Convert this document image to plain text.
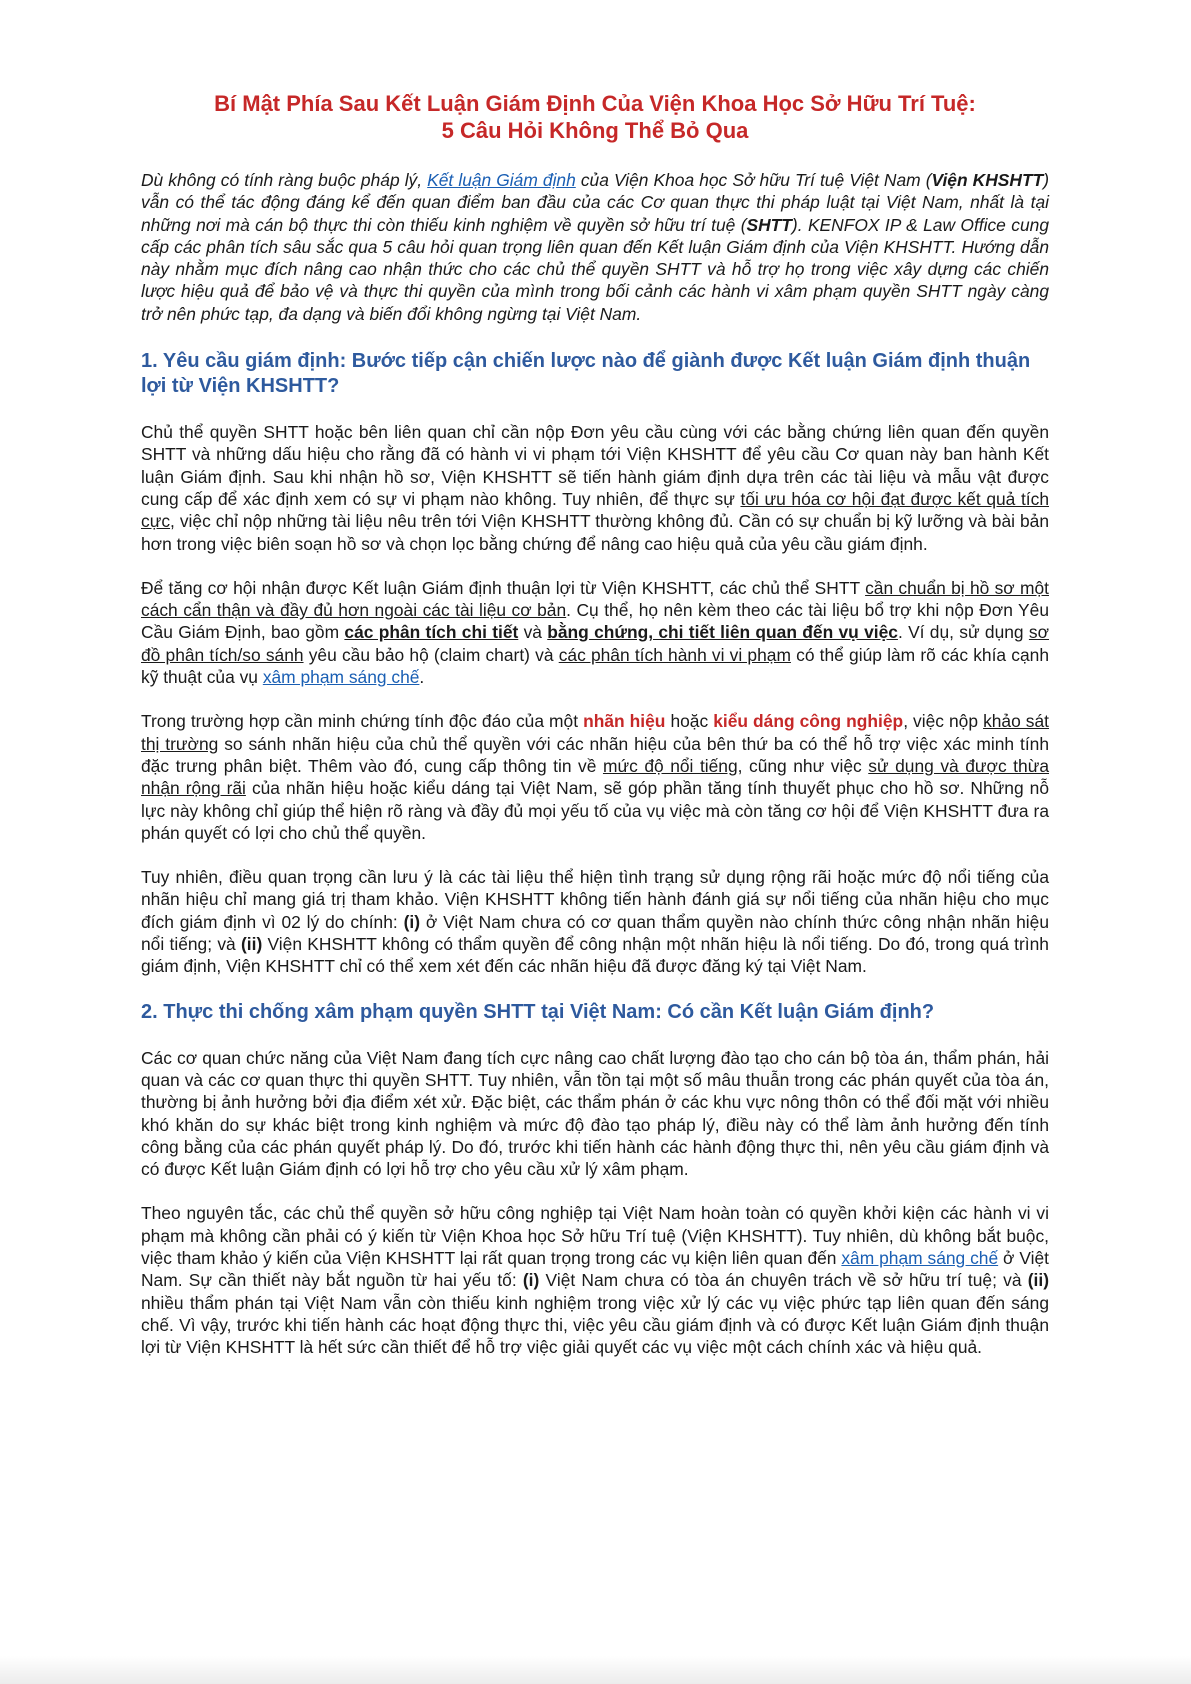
Bí Mật Phía Sau Kết Luận Giám Định Của Viện Khoa Học Sở Hữu Trí Tuệ:
5 Câu Hỏi Không Thể Bỏ Qua

Dù không có tính ràng buộc pháp lý, Kết luận Giám định của Viện Khoa học Sở hữu Trí tuệ Việt Nam (Viện KHSHTT) vẫn có thể tác động đáng kể đến quan điểm ban đầu của các Cơ quan thực thi pháp luật tại Việt Nam, nhất là tại những nơi mà cán bộ thực thi còn thiếu kinh nghiệm về quyền sở hữu trí tuệ (SHTT). KENFOX IP & Law Office cung cấp các phân tích sâu sắc qua 5 câu hỏi quan trọng liên quan đến Kết luận Giám định của Viện KHSHTT. Hướng dẫn này nhằm mục đích nâng cao nhận thức cho các chủ thể quyền SHTT và hỗ trợ họ trong việc xây dựng các chiến lược hiệu quả để bảo vệ và thực thi quyền của mình trong bối cảnh các hành vi xâm phạm quyền SHTT ngày càng trở nên phức tạp, đa dạng và biến đổi không ngừng tại Việt Nam.

1. Yêu cầu giám định: Bước tiếp cận chiến lược nào để giành được Kết luận Giám định thuận lợi từ Viện KHSHTT?

Chủ thể quyền SHTT hoặc bên liên quan chỉ cần nộp Đơn yêu cầu cùng với các bằng chứng liên quan đến quyền SHTT và những dấu hiệu cho rằng đã có hành vi vi phạm tới Viện KHSHTT để yêu cầu Cơ quan này ban hành Kết luận Giám định. Sau khi nhận hồ sơ, Viện KHSHTT sẽ tiến hành giám định dựa trên các tài liệu và mẫu vật được cung cấp để xác định xem có sự vi phạm nào không. Tuy nhiên, để thực sự tối ưu hóa cơ hội đạt được kết quả tích cực, việc chỉ nộp những tài liệu nêu trên tới Viện KHSHTT thường không đủ. Cần có sự chuẩn bị kỹ lưỡng và bài bản hơn trong việc biên soạn hồ sơ và chọn lọc bằng chứng để nâng cao hiệu quả của yêu cầu giám định.

Để tăng cơ hội nhận được Kết luận Giám định thuận lợi từ Viện KHSHTT, các chủ thể SHTT cần chuẩn bị hồ sơ một cách cẩn thận và đầy đủ hơn ngoài các tài liệu cơ bản. Cụ thể, họ nên kèm theo các tài liệu bổ trợ khi nộp Đơn Yêu Cầu Giám Định, bao gồm các phân tích chi tiết và bằng chứng, chi tiết liên quan đến vụ việc. Ví dụ, sử dụng sơ đồ phân tích/so sánh yêu cầu bảo hộ (claim chart) và các phân tích hành vi vi phạm có thể giúp làm rõ các khía cạnh kỹ thuật của vụ xâm phạm sáng chế.

Trong trường hợp cần minh chứng tính độc đáo của một nhãn hiệu hoặc kiểu dáng công nghiệp, việc nộp khảo sát thị trường so sánh nhãn hiệu của chủ thể quyền với các nhãn hiệu của bên thứ ba có thể hỗ trợ việc xác minh tính đặc trưng phân biệt. Thêm vào đó, cung cấp thông tin về mức độ nổi tiếng, cũng như việc sử dụng và được thừa nhận rộng rãi của nhãn hiệu hoặc kiểu dáng tại Việt Nam, sẽ góp phần tăng tính thuyết phục cho hồ sơ. Những nỗ lực này không chỉ giúp thể hiện rõ ràng và đầy đủ mọi yếu tố của vụ việc mà còn tăng cơ hội để Viện KHSHTT đưa ra phán quyết có lợi cho chủ thể quyền.

Tuy nhiên, điều quan trọng cần lưu ý là các tài liệu thể hiện tình trạng sử dụng rộng rãi hoặc mức độ nổi tiếng của nhãn hiệu chỉ mang giá trị tham khảo. Viện KHSHTT không tiến hành đánh giá sự nổi tiếng của nhãn hiệu cho mục đích giám định vì 02 lý do chính: (i) ở Việt Nam chưa có cơ quan thẩm quyền nào chính thức công nhận nhãn hiệu nổi tiếng; và (ii) Viện KHSHTT không có thẩm quyền để công nhận một nhãn hiệu là nổi tiếng. Do đó, trong quá trình giám định, Viện KHSHTT chỉ có thể xem xét đến các nhãn hiệu đã được đăng ký tại Việt Nam.

2. Thực thi chống xâm phạm quyền SHTT tại Việt Nam: Có cần Kết luận Giám định?

Các cơ quan chức năng của Việt Nam đang tích cực nâng cao chất lượng đào tạo cho cán bộ tòa án, thẩm phán, hải quan và các cơ quan thực thi quyền SHTT. Tuy nhiên, vẫn tồn tại một số mâu thuẫn trong các phán quyết của tòa án, thường bị ảnh hưởng bởi địa điểm xét xử. Đặc biệt, các thẩm phán ở các khu vực nông thôn có thể đối mặt với nhiều khó khăn do sự khác biệt trong kinh nghiệm và mức độ đào tạo pháp lý, điều này có thể làm ảnh hưởng đến tính công bằng của các phán quyết pháp lý. Do đó, trước khi tiến hành các hành động thực thi, nên yêu cầu giám định và có được Kết luận Giám định có lợi hỗ trợ cho yêu cầu xử lý xâm phạm.

Theo nguyên tắc, các chủ thể quyền sở hữu công nghiệp tại Việt Nam hoàn toàn có quyền khởi kiện các hành vi vi phạm mà không cần phải có ý kiến từ Viện Khoa học Sở hữu Trí tuệ (Viện KHSHTT). Tuy nhiên, dù không bắt buộc, việc tham khảo ý kiến của Viện KHSHTT lại rất quan trọng trong các vụ kiện liên quan đến xâm phạm sáng chế ở Việt Nam. Sự cần thiết này bắt nguồn từ hai yếu tố: (i) Việt Nam chưa có tòa án chuyên trách về sở hữu trí tuệ; và (ii) nhiều thẩm phán tại Việt Nam vẫn còn thiếu kinh nghiệm trong việc xử lý các vụ việc phức tạp liên quan đến sáng chế. Vì vậy, trước khi tiến hành các hoạt động thực thi, việc yêu cầu giám định và có được Kết luận Giám định thuận lợi từ Viện KHSHTT là hết sức cần thiết để hỗ trợ việc giải quyết các vụ việc một cách chính xác và hiệu quả.
